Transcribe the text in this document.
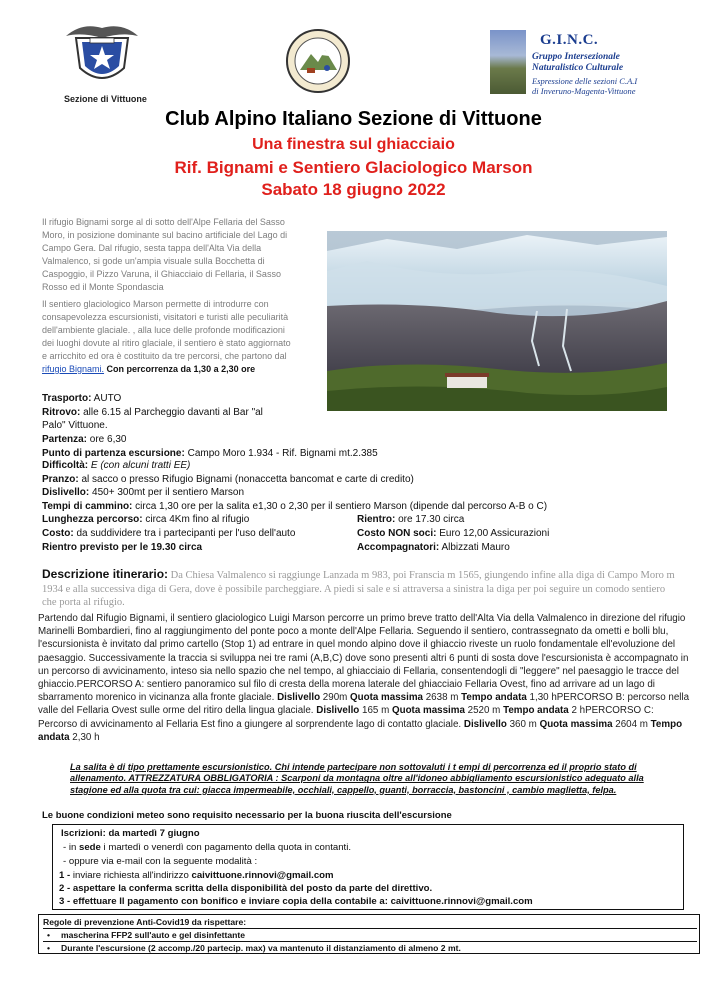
Sezione di Vittuone
G.I.N.C.
Gruppo Intersezionale
Naturalistico Culturale
Espressione delle sezioni C.A.I
di Inveruno-Magenta-Vittuone
Club Alpino Italiano Sezione di Vittuone
Una finestra sul ghiacciaio
Rif. Bignami e Sentiero Glaciologico Marson
Sabato 18 giugno 2022
Il rifugio Bignami sorge al di sotto dell'Alpe Fellaria del Sasso Moro, in posizione dominante sul bacino artificiale del Lago di Campo Gera. Dal rifugio, sesta tappa dell'Alta Via della Valmalenco, si gode un'ampia visuale sulla Bocchetta di Caspoggio, il Pizzo Varuna, il Ghiacciaio di Fellaria, il Sasso Rosso ed il Monte Spondascia
Il sentiero glaciologico Marson permette di introdurre con consapevolezza escursionisti, visitatori e turisti alle peculiarità dell'ambiente glaciale. , alla luce delle profonde modificazioni dei luoghi dovute al ritiro glaciale, il sentiero è stato aggiornato e arricchito ed ora è costituito da tre percorsi, che partono dal rifugio Bignami. Con percorrenza da 1,30 a 2,30 ore
Trasporto: AUTO
Ritrovo: alle 6.15 al Parcheggio davanti al Bar "al
Palo" Vittuone.
Partenza: ore 6,30
Punto di partenza escursione: Campo Moro 1.934 - Rif. Bignami mt.2.385
Difficoltà: E (con alcuni tratti EE)
Pranzo: al sacco o presso Rifugio Bignami (nonaccetta bancomat e carte di credito)
Dislivello: 450+ 300mt per il sentiero Marson
Tempi di cammino: circa 1,30 ore per la salita e1,30 o 2,30 per il sentiero Marson (dipende dal percorso A-B o C)
Lunghezza percorso: circa 4Km fino al rifugio	Rientro: ore 17.30 circa
Costo: da suddividere tra i partecipanti per l'uso dell'auto	Costo NON soci: Euro 12,00 Assicurazioni
Rientro previsto per le 19.30 circa	Accompagnatori: Albizzati Mauro
Descrizione itinerario: Da Chiesa Valmalenco si raggiunge Lanzada m 983, poi Franscia m 1565, giungendo infine alla diga di Campo Moro m 1934 e alla successiva diga di Gera, dove è possibile parcheggiare. A piedi si sale e si attraversa a sinistra la diga per poi seguire un comodo sentiero che porta al rifugio.
Partendo dal Rifugio Bignami, il sentiero glaciologico Luigi Marson percorre un primo breve tratto dell'Alta Via della Valmalenco in direzione del rifugio Marinelli Bombardieri, fino al raggiungimento del ponte poco a monte dell'Alpe Fellaria. Seguendo il sentiero, contrassegnato da ometti e bolli blu, l'escursionista è invitato dal primo cartello (Stop 1) ad entrare in quel mondo alpino dove il ghiaccio riveste un ruolo fondamentale ell'evoluzione del paesaggio. Successivamente la traccia si sviluppa nei tre rami (A,B,C) dove sono presenti altri 6 punti di sosta dove l'escursionista è accompagnato in un percorso di avvicinamento, inteso sia nello spazio che nel tempo, al ghiacciaio di Fellaria, consentendogli di "leggere" nel paesaggio le tracce del ghiaccio.PERCORSO A: sentiero panoramico sul filo di cresta della morena laterale del ghiacciaio Fellaria Ovest, fino ad arrivare ad un lago di sbarramento morenico in vicinanza alla fronte glaciale. Dislivello 290m Quota massima 2638 m Tempo andata 1,30 hPERCORSO B: percorso nella valle del Fellaria Ovest sulle orme del ritiro della lingua glaciale. Dislivello 165 m Quota massima 2520 m Tempo andata 2 hPERCORSO C: Percorso di avvicinamento al Fellaria Est fino a giungere al sorprendente lago di contatto glaciale. Dislivello 360 m Quota massima 2604 m Tempo andata 2,30 h
La salita è di tipo prettamente escursionistico. Chi intende partecipare non sottovaluti i t empi di percorrenza ed il proprio stato di allenamento. ATTREZZATURA OBBLIGATORIA : Scarponi da montagna oltre all'idoneo abbigliamento escursionistico adeguato alla stagione ed alla quota tra cui: giacca impermeabile, occhiali, cappello, guanti, borraccia, bastoncini , cambio maglietta, felpa.
Le buone condizioni meteo sono requisito necessario per la buona riuscita dell'escursione
Iscrizioni: da martedì 7 giugno
- in sede i martedì o venerdì con pagamento della quota in contanti.
- oppure via e-mail con la seguente modalità :
1 - inviare richiesta all'indirizzo caivittuone.rinnovi@gmail.com
2 - aspettare la conferma scritta della disponibilità del posto da parte del direttivo.
3 - effettuare Il pagamento con bonifico e inviare copia della contabile a: caivittuone.rinnovi@gmail.com
Regole di prevenzione Anti-Covid19 da rispettare:
• mascherina FFP2 sull'auto e gel disinfettante
• Durante l'escursione (2 accomp./20 partecip. max) va mantenuto il distanziamento di almeno 2 mt.
